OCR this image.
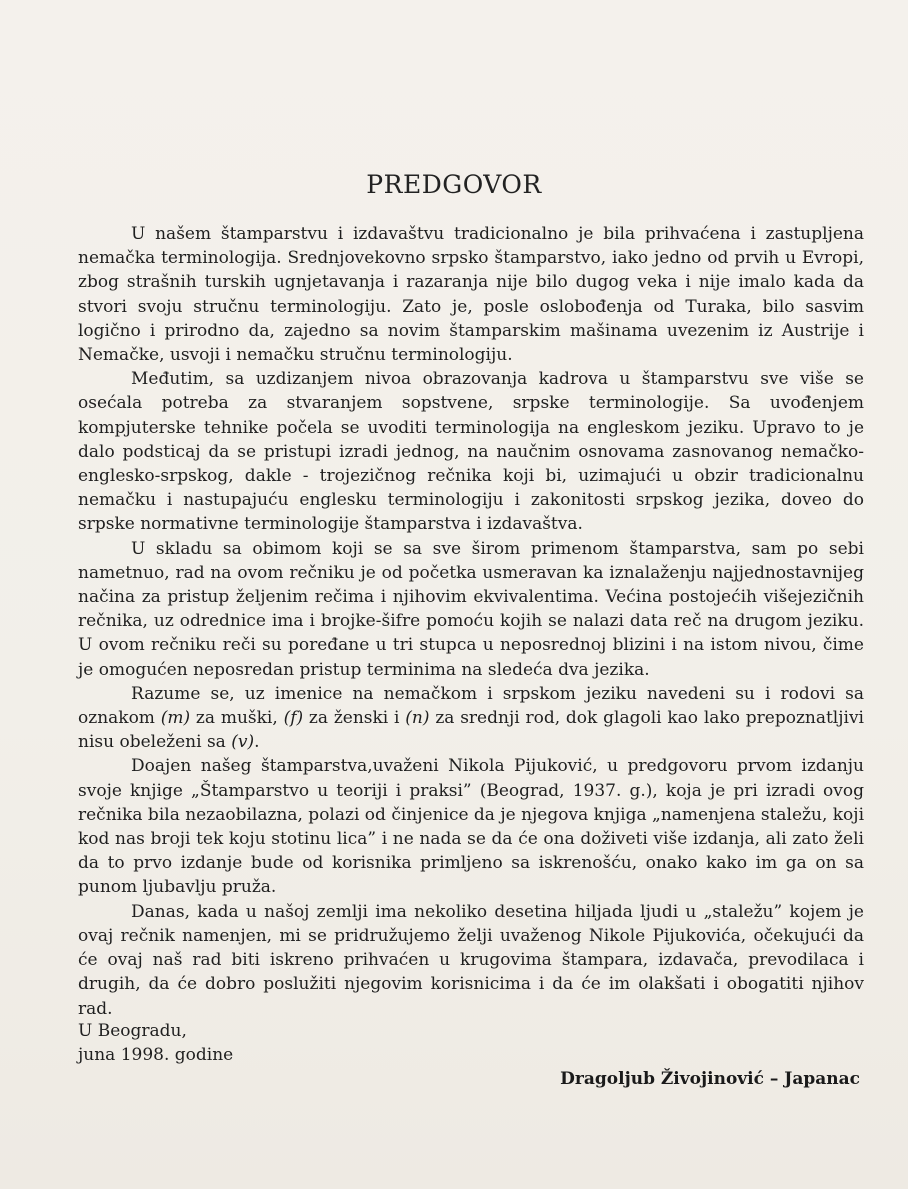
PREDGOVOR

U našem štamparstvu i izdavaštvu tradicionalno je bila prihvaćena i zastupljena nemačka terminologija. Srednjovekovno srpsko štamparstvo, iako jedno od prvih u Evropi, zbog strašnih turskih ugnjetavanja i razaranja nije bilo dugog veka i nije imalo kada da stvori svoju stručnu terminologiju. Zato je, posle oslobođenja od Turaka, bilo sasvim logično i prirodno da, zajedno sa novim štamparskim mašinama uvezenim iz Austrije i Nemačke, usvoji i nemačku stručnu terminologiju.

Međutim, sa uzdizanjem nivoa obrazovanja kadrova u štamparstvu sve više se osećala potreba za stvaranjem sopstvene, srpske terminologije. Sa uvođenjem kompjuterske tehnike počela se uvoditi terminologija na engleskom jeziku. Upravo to je dalo podsticaj da se pristupi izradi jednog, na naučnim osnovama zasnovanog nemačko-englesko-srpskog, dakle - trojezičnog rečnika koji bi, uzimajući u obzir tradicionalnu nemačku i nastupajuću englesku terminologiju i zakonitosti srpskog jezika, doveo do srpske normativne terminologije štamparstva i izdavaštva.

U skladu sa obimom koji se sa sve širom primenom štamparstva, sam po sebi nametnuo, rad na ovom rečniku je od početka usmeravan ka iznalaženju najjednostavnijeg načina za pristup željenim rečima i njihovim ekvivalentima. Većina postojećih višejezičnih rečnika, uz odrednice ima i brojke-šifre pomoću kojih se nalazi data reč na drugom jeziku. U ovom rečniku reči su poređane u tri stupca u neposrednoj blizini i na istom nivou, čime je omogućen neposredan pristup terminima na sledeća dva jezika.

Razume se, uz imenice na nemačkom i srpskom jeziku navedeni su i rodovi sa oznakom (m) za muški, (f) za ženski i (n) za srednji rod, dok glagoli kao lako prepoznatljivi nisu obeleženi sa (v).

Doajen našeg štamparstva,uvaženi Nikola Pijuković, u predgovoru prvom izdanju svoje knjige „Štamparstvo u teoriji i praksi” (Beograd, 1937. g.), koja je pri izradi ovog rečnika bila nezaobilazna, polazi od činjenice da je njegova knjiga „namenjena staležu, koji kod nas broji tek koju stotinu lica” i ne nada se da će ona doživeti više izdanja, ali zato želi da to prvo izdanje bude od korisnika primljeno sa iskrenošću, onako kako im ga on sa punom ljubavlju pruža.

Danas, kada u našoj zemlji ima nekoliko desetina hiljada ljudi u „staležu” kojem je ovaj rečnik namenjen, mi se pridružujemo želji uvaženog Nikole Pijukovića, očekujući da će ovaj naš rad biti iskreno prihvaćen u krugovima štampara, izdavača, prevodilaca i drugih, da će dobro poslužiti njegovim korisnicima i da će im olakšati i obogatiti njihov rad.

U Beogradu,
juna 1998. godine
Dragoljub Živojinović – Japanac
